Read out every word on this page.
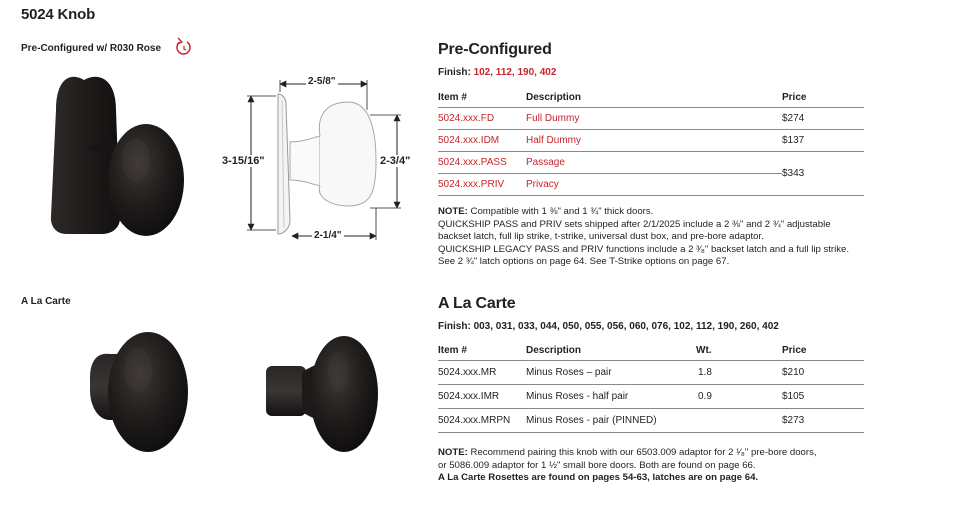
5024 Knob
Pre-Configured w/ R030 Rose
2-5/8"
3-15/16"	2-3/4"
2-1/4"
A La Carte
Pre-Configured
Finish: 102, 112, 190, 402
Item #	Description	Price
5024.xxx.FD	Full Dummy	$274
5024.xxx.IDM	Half Dummy	$137
5024.xxx.PASS	Passage	$343
5024.xxx.PRIV	Privacy	
NOTE: Compatible with 1 ⅜" and 1 ¾" thick doors.
QUICKSHIP PASS and PRIV sets shipped after 2/1/2025 include a 2 ⅜" and 2 ¾" adjustable
backset latch, full lip strike, t-strike, universal dust box, and pre-bore adaptor.
QUICKSHIP LEGACY PASS and PRIV functions include a 2 ³⁄₈" backset latch and a full lip strike.
See 2 ¾" latch options on page 64. See T-Strike options on page 67.
A La Carte
Finish: 003, 031, 033, 044, 050, 055, 056, 060, 076, 102, 112, 190, 260, 402
Item #	Description	Wt.	Price
5024.xxx.MR	Minus Roses – pair	1.8	$210
5024.xxx.IMR	Minus Roses - half pair	0.9	$105
5024.xxx.MRPN	Minus Roses - pair (PINNED)		$273
NOTE: Recommend pairing this knob with our 6503.009 adaptor for 2 ¹⁄₈" pre-bore doors,
or 5086.009 adaptor for 1 ½" small bore doors. Both are found on page 66.
A La Carte Rosettes are found on pages 54-63, latches are on page 64.
